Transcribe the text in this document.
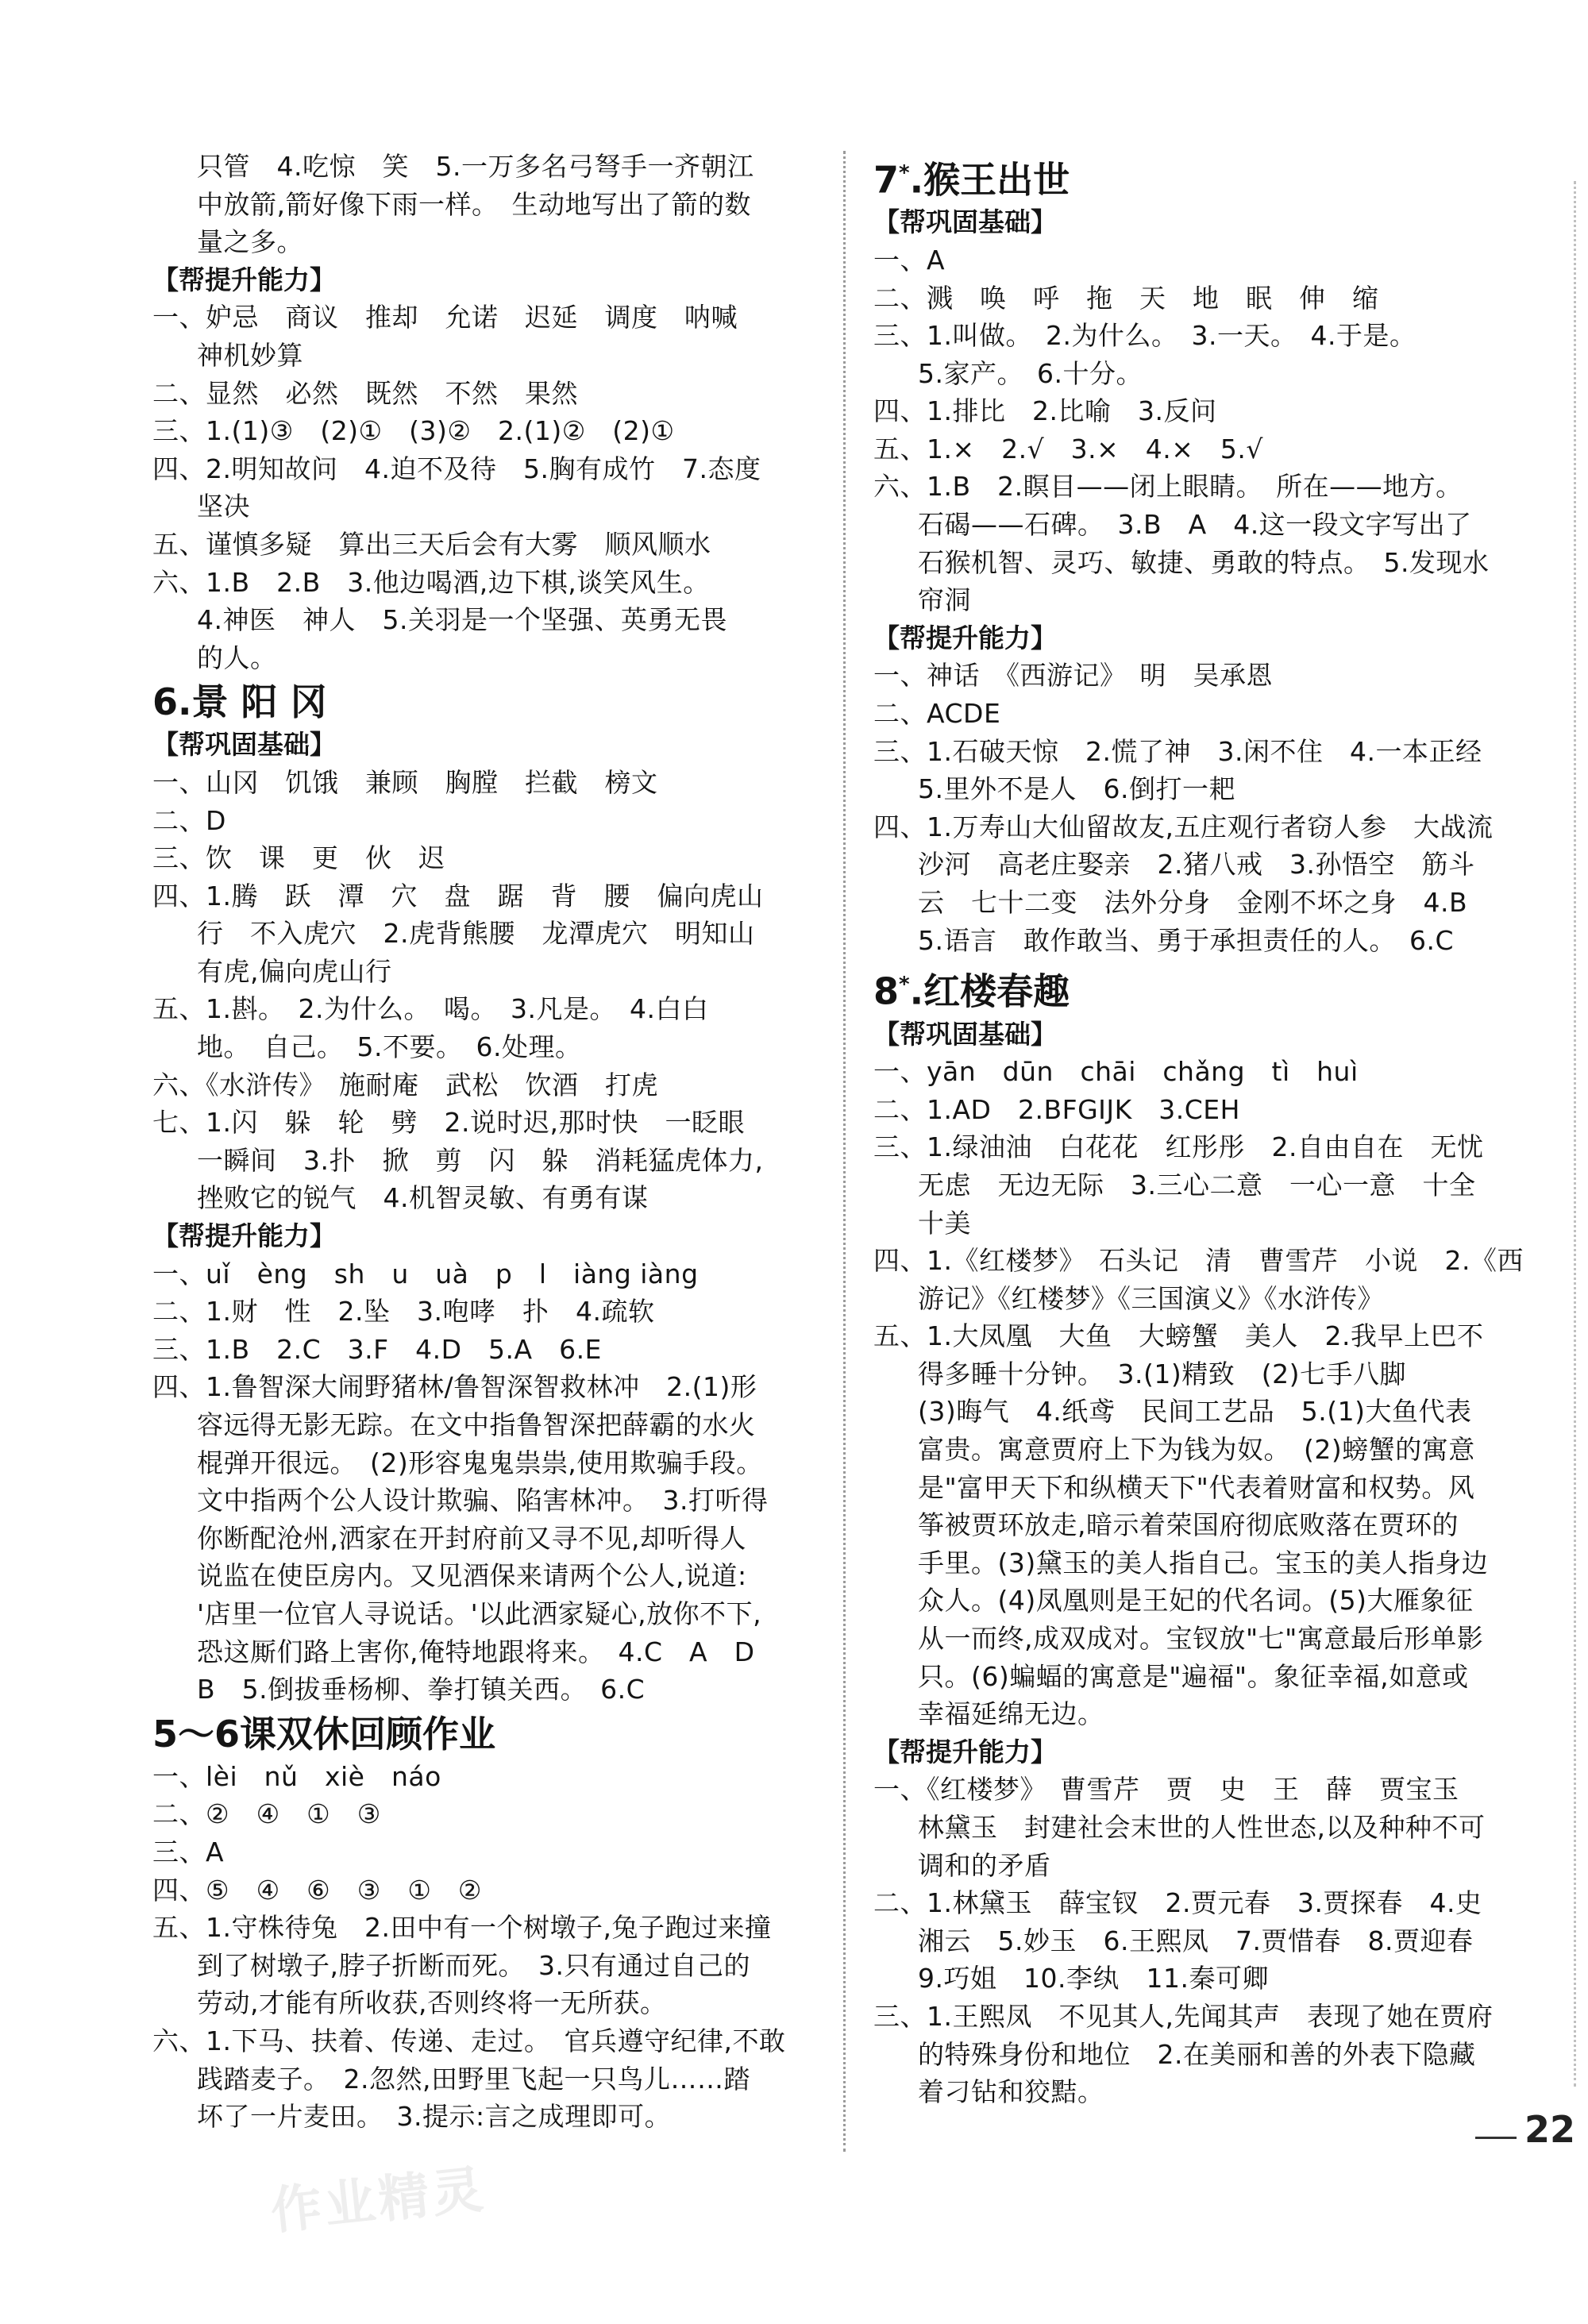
只管　4.吃惊　笑　5.一万多名弓弩手一齐朝江
中放箭,箭好像下雨一样。　生动地写出了箭的数
量之多。
【帮提升能力】
一、妒忌　商议　推却　允诺　迟延　调度　呐喊
神机妙算
二、显然　必然　既然　不然　果然
三、1.(1)③　(2)①　(3)②　2.(1)②　(2)①
四、2.明知故问　4.迫不及待　5.胸有成竹　7.态度
坚决
五、谨慎多疑　算出三天后会有大雾　顺风顺水
六、1.B　2.B　3.他边喝酒,边下棋,谈笑风生。
4.神医　神人　5.关羽是一个坚强、英勇无畏
的人。
6.景 阳 冈
【帮巩固基础】
一、山冈　饥饿　兼顾　胸膛　拦截　榜文
二、D
三、饮　课　更　伙　迟
四、1.腾　跃　潭　穴　盘　踞　背　腰　偏向虎山
行　不入虎穴　2.虎背熊腰　龙潭虎穴　明知山
有虎,偏向虎山行
五、1.斟。　2.为什么。　喝。　3.凡是。　4.白白
地。　自己。　5.不要。　6.处理。
六、《水浒传》　施耐庵　武松　饮酒　打虎
七、1.闪　躲　轮　劈　2.说时迟,那时快　一眨眼
一瞬间　3.扑　掀　剪　闪　躲　消耗猛虎体力,
挫败它的锐气　4.机智灵敏、有勇有谋
【帮提升能力】
一、uǐ　èng　sh　u　uà　p　l　iàng iàng
二、1.财　性　2.坠　3.咆哮　扑　4.疏软
三、1.B　2.C　3.F　4.D　5.A　6.E
四、1.鲁智深大闹野猪林/鲁智深智救林冲　2.(1)形
容远得无影无踪。在文中指鲁智深把薛霸的水火
棍弹开很远。　(2)形容鬼鬼祟祟,使用欺骗手段。
文中指两个公人设计欺骗、陷害林冲。　3.打听得
你断配沧州,洒家在开封府前又寻不见,却听得人
说监在使臣房内。又见酒保来请两个公人,说道:
'店里一位官人寻说话。'以此洒家疑心,放你不下,
恐这厮们路上害你,俺特地跟将来。　4.C　A　D
B　5.倒拔垂杨柳、拳打镇关西。　6.C
5～6课双休回顾作业
一、lèi　nǔ　xiè　náo
二、②　④　①　③
三、A
四、⑤　④　⑥　③　①　②
五、1.守株待兔　2.田中有一个树墩子,兔子跑过来撞
到了树墩子,脖子折断而死。　3.只有通过自己的
劳动,才能有所收获,否则终将一无所获。
六、1.下马、扶着、传递、走过。　官兵遵守纪律,不敢
践踏麦子。　2.忽然,田野里飞起一只鸟儿……踏
坏了一片麦田。　3.提示:言之成理即可。
7*.猴王出世
【帮巩固基础】
一、A
二、溅　唤　呼　拖　天　地　眠　伸　缩
三、1.叫做。　2.为什么。　3.一天。　4.于是。
5.家产。　6.十分。
四、1.排比　2.比喻　3.反问
五、1.×　2.√　3.×　4.×　5.√
六、1.B　2.瞑目——闭上眼睛。　所在——地方。
石碣——石碑。　3.B　A　4.这一段文字写出了
石猴机智、灵巧、敏捷、勇敢的特点。　5.发现水
帘洞
【帮提升能力】
一、神话　《西游记》　明　吴承恩
二、ACDE
三、1.石破天惊　2.慌了神　3.闲不住　4.一本正经
5.里外不是人　6.倒打一耙
四、1.万寿山大仙留故友,五庄观行者窃人参　大战流
沙河　高老庄娶亲　2.猪八戒　3.孙悟空　筋斗
云　七十二变　法外分身　金刚不坏之身　4.B
5.语言　敢作敢当、勇于承担责任的人。　6.C
8*.红楼春趣
【帮巩固基础】
一、yān　dūn　chāi　chǎng　tì　huì
二、1.AD　2.BFGIJK　3.CEH
三、1.绿油油　白花花　红彤彤　2.自由自在　无忧
无虑　无边无际　3.三心二意　一心一意　十全
十美
四、1.《红楼梦》　石头记　清　曹雪芹　小说　2.《西
游记》《红楼梦》《三国演义》《水浒传》
五、1.大凤凰　大鱼　大螃蟹　美人　2.我早上巴不
得多睡十分钟。　3.(1)精致　(2)七手八脚
(3)晦气　4.纸鸢　民间工艺品　5.(1)大鱼代表
富贵。寓意贾府上下为钱为奴。　(2)螃蟹的寓意
是"富甲天下和纵横天下"代表着财富和权势。风
筝被贾环放走,暗示着荣国府彻底败落在贾环的
手里。(3)黛玉的美人指自己。宝玉的美人指身边
众人。(4)凤凰则是王妃的代名词。(5)大雁象征
从一而终,成双成对。宝钗放"七"寓意最后形单影
只。(6)蝙蝠的寓意是"遍福"。象征幸福,如意或
幸福延绵无边。
【帮提升能力】
一、《红楼梦》　曹雪芹　贾　史　王　薛　贾宝玉
林黛玉　封建社会末世的人性世态,以及种种不可
调和的矛盾
二、1.林黛玉　薛宝钗　2.贾元春　3.贾探春　4.史
湘云　5.妙玉　6.王熙凤　7.贾惜春　8.贾迎春
9.巧姐　10.李纨　11.秦可卿
三、1.王熙凤　不见其人,先闻其声　表现了她在贾府
的特殊身份和地位　2.在美丽和善的外表下隐藏
着刁钻和狡黠。
作业精灵
22
